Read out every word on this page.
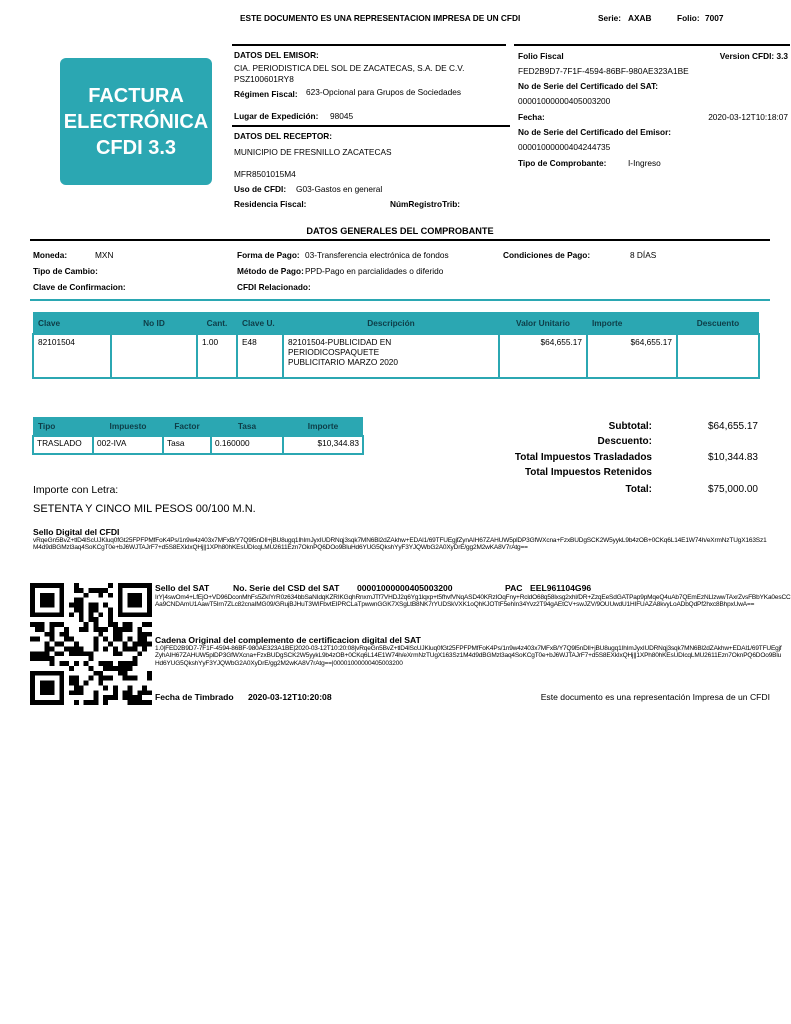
ESTE DOCUMENTO ES UNA REPRESENTACION IMPRESA DE UN CFDI	Serie: AXAB	Folio: 7007
FACTURA
ELECTRÓNICA
CFDI 3.3
DATOS DEL EMISOR:
CIA. PERIODISTICA DEL SOL DE ZACATECAS, S.A. DE C.V.
PSZ100601RY8
Régimen Fiscal: 623-Opcional para Grupos de Sociedades
Lugar de Expedición: 98045
DATOS DEL RECEPTOR:
MUNICIPIO DE FRESNILLO ZACATECAS
MFR8501015M4
Uso de CFDI: G03-Gastos en general
Residencia Fiscal:	NúmRegistroTrib:
Folio Fiscal	Version CFDI: 3.3
FED2B9D7-7F1F-4594-86BF-980AE323A1BE
No de Serie del Certificado del SAT:
00001000000405003200
Fecha:	2020-03-12T10:18:07
No de Serie del Certificado del Emisor:
00001000000404244735
Tipo de Comprobante:	I-Ingreso
DATOS GENERALES DEL COMPROBANTE
Moneda:	MXN	Forma de Pago: 03-Transferencia electrónica de fondos	Condiciones de Pago:	8 DÍAS
Tipo de Cambio:	Método de Pago: PPD-Pago en parcialidades o diferido
Clave de Confirmacion:	CFDI Relacionado:
Clave	No ID	Cant.	Clave U.	Descripción	Valor Unitario	Importe	Descuento
82101504		1.00	E48	82101504-PUBLICIDAD EN PERIODICOSPAQUETE PUBLICITARIO MARZO 2020	$64,655.17	$64,655.17	
Tipo	Impuesto	Factor	Tasa	Importe
TRASLADO	002-IVA	Tasa	0.160000	$10,344.83
Subtotal:	$64,655.17
Descuento:
Total Impuestos Trasladados	$10,344.83
Total Impuestos Retenidos
Total:	$75,000.00
Importe con Letra:
SETENTA Y CINCO MIL PESOS 00/100 M.N.
Sello Digital del CFDI
vRqeGn5BvZ+tlD4lScUJKluq0fGt25FPFPMfFoK4Ps/1n9w4z403x7MFxB/Y7Q9l5nDIl+jBU8ugq1IhImJyxIUDRNqj3sqk7MN6Bl2dZAkhw+EDAl1/69TFUEgjfZynAIH67ZAHUW5plDP3GfWXcna+FzxBUDgSCK2W5yykL9b4zOB+0CKq6L14E1W74h/eXrmNzTUgX163Sz1M4d9dBGMzl3aq4SoKCgT0e+bJ6WJTAJrF7+d5S8EXkIxQHj||1XPh80hKEsUDIcqLMU2611Ezn7OknPQ6DOo9BluHd6YUG5QkshYyF3YJQWbG2A0XyDrE/gg2M2wKA8V7rAtg==
Sello del SAT	No. Serie del CSD del SAT 00001000000405003200	PAC EEL961104G96
IrY|4swOm4+LfEjO+VD96DconMhFs5ZkIYrR0z634bbSaNIdqKZRIKGqhRnxmJTf7VHDJ2q6Yg1lqxp+t5fhvfVNqASD40KRzIOqFny+RcldO68q58lxsg2xhl/DR+ZzqEeSdGATPap9pMqeQ4uAb7QEmEzNLlzwwTAxrZvsFBbYKa0esCCAa9CNDAmU1AawT5Irn7ZLc82cnaIMG09/GRujBJHuT3WIFbvtEIPRCLaTpwwnGGK7XSgLtB8NK7rYUDSkVXK1oQhKJOTtF5ehIn34Yvz2T94gAEtCV+swJZV/9OUUwdU1HIFUAZA8kvyLoADbQdPf2hxc8BhpxUwA==
Cadena Original del complemento de certificacion digital del SAT
1.0|FED2B9D7-7F1F-4594-86BF-980AE323A1BE|2020-03-12T10:20:08|vRqeGn5BvZ+tlD4lScUJKluq0fGt25FPFPMfFoK4Ps/1n9w4z403x7MFxB/Y7Q9l5nDIl+jBU8ugq1IhImJyxIUDRNqj3sqk7MN6Bl2dZAkhw+EDAl1/69TFUEgjfZyhAIH67ZAHUW5plDP3GfWXcna+FzxBUDgSCK2W5yykL9b4zOB+0CKq6L14E1W74h/eXrmNzTUgX163Sz1M4d9dBGMzl3aq4SoKCgT0e+bJ6WJTAJrF7+d5S8EXkIxQHj||1XPh80hKEsUDIcqLMU2611Ezn7OknPQ6DOo9BluHd6YUG5QkshYyF3YJQWbG2A0XyDrE/gg2M2wKA8V7rAtg==|00001000000405003200
Fecha de Timbrado 2020-03-12T10:20:08	Este documento es una representación Impresa de un CFDI
